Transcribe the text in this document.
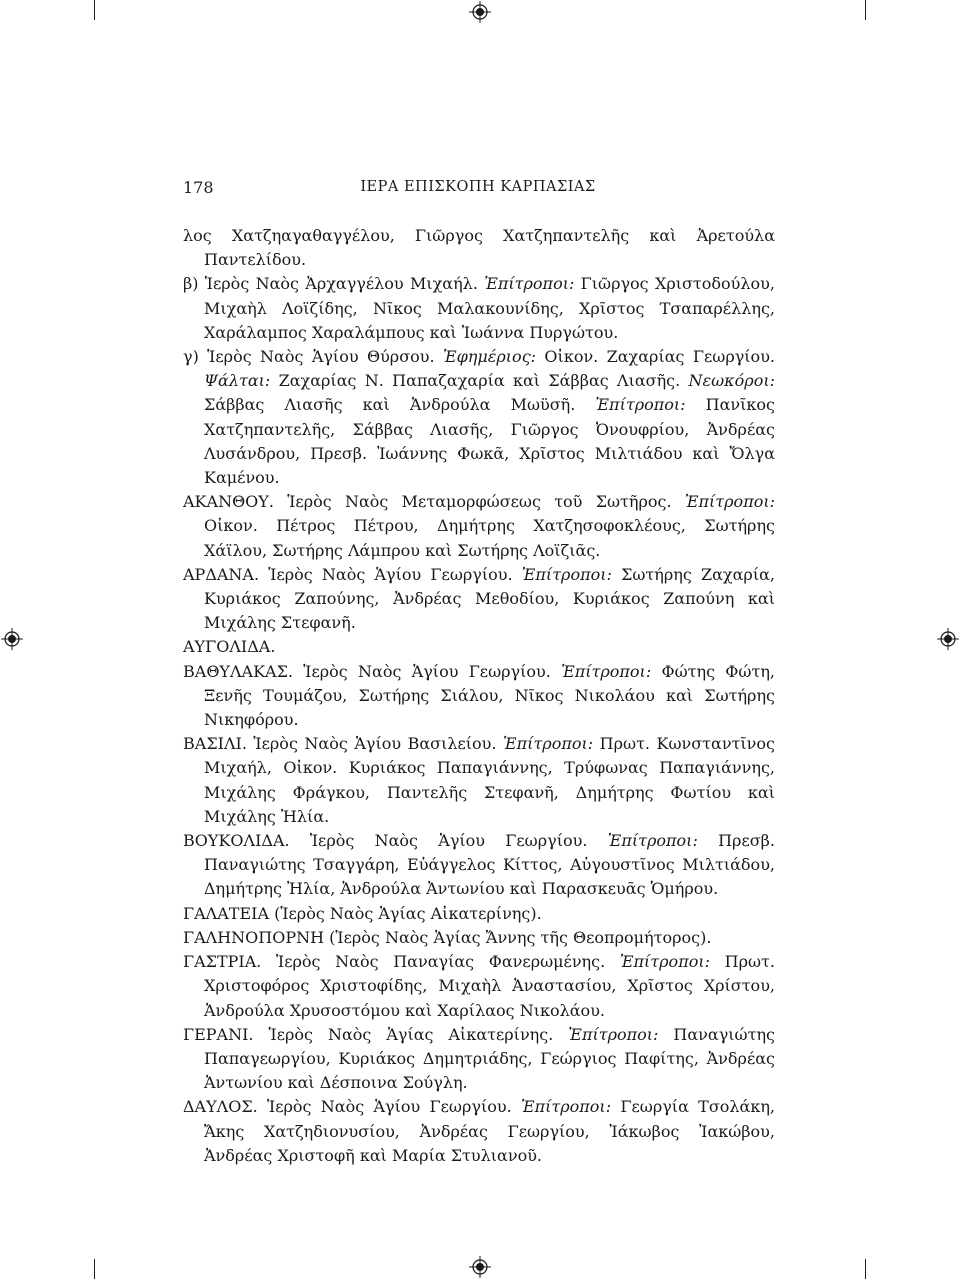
178	ΙΕΡΑ ΕΠΙΣΚΟΠΗ ΚΑΡΠΑΣΙΑΣ

λος Χατζηαγαθαγγέλου, Γιῶργος Χατζηπαντελῆς καὶ Ἀρετούλα Παντελίδου.

β) Ἱερὸς Ναὸς Ἀρχαγγέλου Μιχαήλ. Ἐπίτροποι: Γιῶργος Χριστοδούλου, Μιχαὴλ Λοϊζίδης, Νῖκος Μαλακουνίδης, Χρῖστος Τσαπαρέλλης, Χαράλαμπος Χαραλάμπους καὶ Ἰωάννα Πυργώτου.

γ) Ἱερὸς Ναὸς Ἁγίου Θύρσου. Ἐφημέριος: Οἰκον. Ζαχαρίας Γεωργίου. Ψάλται: Ζαχαρίας Ν. Παπαζαχαρία καὶ Σάββας Λιασῆς. Νεωκόροι: Σάββας Λιασῆς καὶ Ἀνδρούλα Μωϋσῆ. Ἐπίτροποι: Πανῖκος Χατζηπαντελῆς, Σάββας Λιασῆς, Γιῶργος Ὀνουφρίου, Ἀνδρέας Λυσάνδρου, Πρεσβ. Ἰωάννης Φωκᾶ, Χρῖστος Μιλτιάδου καὶ Ὄλγα Καμένου.

ΑΚΑΝΘΟΥ. Ἱερὸς Ναὸς Μεταμορφώσεως τοῦ Σωτῆρος. Ἐπίτροποι: Οἰκον. Πέτρος Πέτρου, Δημήτρης Χατζησοφοκλέους, Σωτήρης Χάϊλου, Σωτήρης Λάμπρου καὶ Σωτήρης Λοϊζιᾶς.

ΑΡΔΑΝΑ. Ἱερὸς Ναὸς Ἁγίου Γεωργίου. Ἐπίτροποι: Σωτήρης Ζαχαρία, Κυριάκος Ζαπούνης, Ἀνδρέας Μεθοδίου, Κυριάκος Ζαπούνη καὶ Μιχάλης Στεφανῆ.

ΑΥΓΟΛΙΔΑ.

ΒΑΘΥΛΑΚΑΣ. Ἱερὸς Ναὸς Ἁγίου Γεωργίου. Ἐπίτροποι: Φώτης Φώτη, Ξενῆς Τουμάζου, Σωτήρης Σιάλου, Νῖκος Νικολάου καὶ Σωτήρης Νικηφόρου.

ΒΑΣΙΛΙ. Ἱερὸς Ναὸς Ἁγίου Βασιλείου. Ἐπίτροποι: Πρωτ. Κωνσταντῖνος Μιχαήλ, Οἰκον. Κυριάκος Παπαγιάννης, Τρύφωνας Παπαγιάννης, Μιχάλης Φράγκου, Παντελῆς Στεφανῆ, Δημήτρης Φωτίου καὶ Μιχάλης Ἠλία.

ΒΟΥΚΟΛΙΔΑ. Ἱερὸς Ναὸς Ἁγίου Γεωργίου. Ἐπίτροποι: Πρεσβ. Παναγιώτης Τσαγγάρη, Εὐάγγελος Κίττος, Αὐγουστῖνος Μιλτιάδου, Δημήτρης Ἠλία, Ἀνδρούλα Ἀντωνίου καὶ Παρασκευᾶς Ὁμήρου.

ΓΑΛΑΤΕΙΑ (Ἱερὸς Ναὸς Ἁγίας Αἰκατερίνης).

ΓΑΛΗΝΟΠΟΡΝΗ (Ἱερὸς Ναὸς Ἁγίας Ἄννης τῆς Θεοπρομήτορος).

ΓΑΣΤΡΙΑ. Ἱερὸς Ναὸς Παναγίας Φανερωμένης. Ἐπίτροποι: Πρωτ. Χριστοφόρος Χριστοφίδης, Μιχαὴλ Ἀναστασίου, Χρῖστος Χρίστου, Ἀνδρούλα Χρυσοστόμου καὶ Χαρίλαος Νικολάου.

ΓΕΡΑΝΙ. Ἱερὸς Ναὸς Ἁγίας Αἰκατερίνης. Ἐπίτροποι: Παναγιώτης Παπαγεωργίου, Κυριάκος Δημητριάδης, Γεώργιος Παφίτης, Ἀνδρέας Ἀντωνίου καὶ Δέσποινα Σούγλη.

ΔΑΥΛΟΣ. Ἱερὸς Ναὸς Ἁγίου Γεωργίου. Ἐπίτροποι: Γεωργία Τσολάκη, Ἄκης Χατζηδιονυσίου, Ἀνδρέας Γεωργίου, Ἰάκωβος Ἰακώβου, Ἀνδρέας Χριστοφῆ καὶ Μαρία Στυλιανοῦ.
